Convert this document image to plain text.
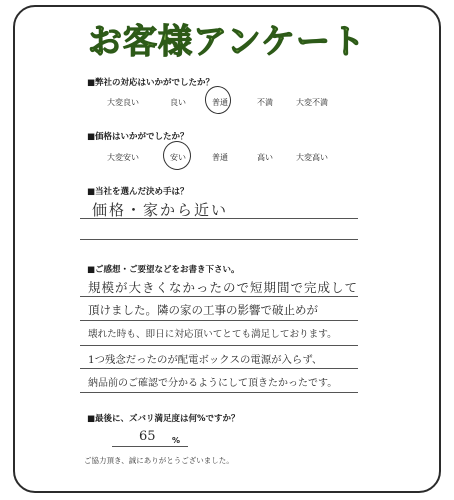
お客様アンケート
■弊社の対応はいかがでしたか？
大変良い	良い	普通	不満	大変不満
■価格はいかがでしたか？
大変安い	安い	普通	高い	大変高い
■当社を選んだ決め手は？
価格・家から近い
■ご感想・ご要望などをお書き下さい。
規模が大きくなかったので短期間で完成して
頂けました。隣の家の工事の影響で破止めが
壊れた時も、即日に対応頂いてとても満足しております。
1つ残念だったのが配電ボックスの電源が入らず、
納品前のご確認で分かるようにして頂きたかったです。
■最後に、ズバリ満足度は何%ですか？
65 %
ご協力頂き、誠にありがとうございました。
